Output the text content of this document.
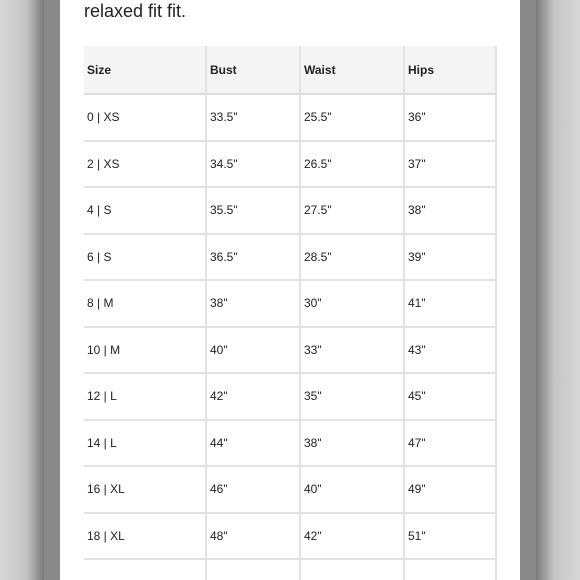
relaxed fit fit.

Size	Bust	Waist	Hips
0 | XS	33.5"	25.5"	36"
2 | XS	34.5"	26.5"	37"
4 | S	35.5"	27.5"	38"
6 | S	36.5"	28.5"	39"
8 | M	38"	30"	41"
10 | M	40"	33"	43"
12 | L	42"	35"	45"
14 | L	44"	38"	47"
16 | XL	46"	40"	49"
18 | XL	48"	42"	51"
